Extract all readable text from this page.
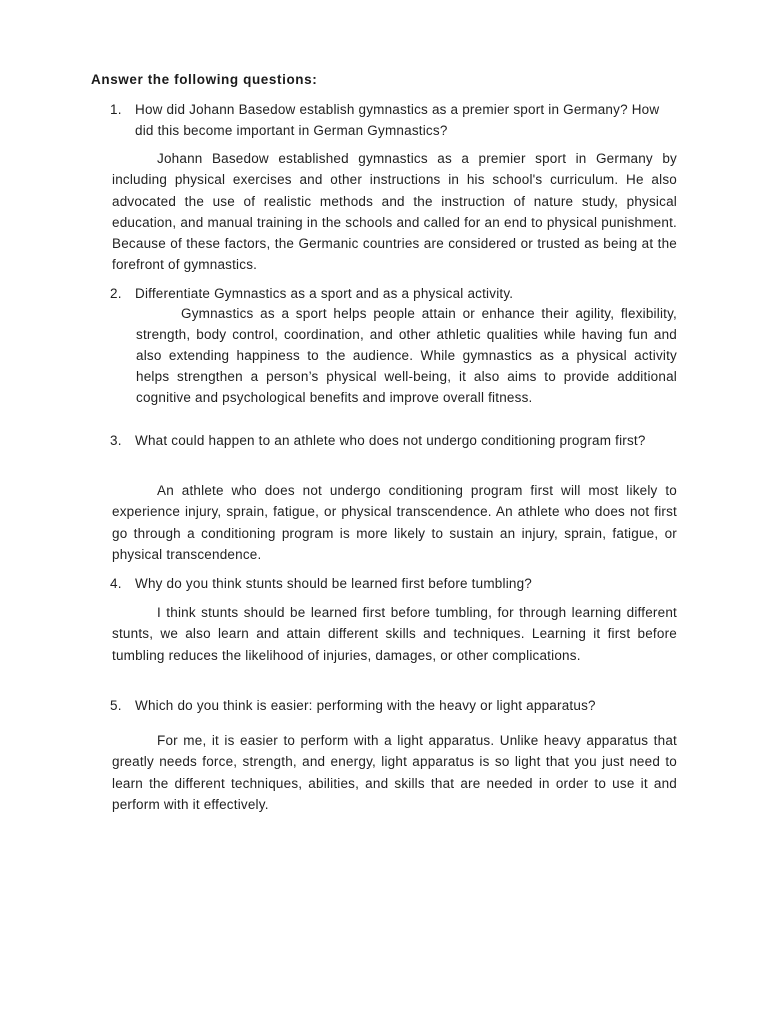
Answer the following questions:
1. How did Johann Basedow establish gymnastics as a premier sport in Germany? How did this become important in German Gymnastics?

Johann Basedow established gymnastics as a premier sport in Germany by including physical exercises and other instructions in his school's curriculum. He also advocated the use of realistic methods and the instruction of nature study, physical education, and manual training in the schools and called for an end to physical punishment. Because of these factors, the Germanic countries are considered or trusted as being at the forefront of gymnastics.

2. Differentiate Gymnastics as a sport and as a physical activity.

Gymnastics as a sport helps people attain or enhance their agility, flexibility, strength, body control, coordination, and other athletic qualities while having fun and also extending happiness to the audience. While gymnastics as a physical activity helps strengthen a person’s physical well-being, it also aims to provide additional cognitive and psychological benefits and improve overall fitness.

3. What could happen to an athlete who does not undergo conditioning program first?

An athlete who does not undergo conditioning program first will most likely to experience injury, sprain, fatigue, or physical transcendence. An athlete who does not first go through a conditioning program is more likely to sustain an injury, sprain, fatigue, or physical transcendence.

4. Why do you think stunts should be learned first before tumbling?

I think stunts should be learned first before tumbling, for through learning different stunts, we also learn and attain different skills and techniques. Learning it first before tumbling reduces the likelihood of injuries, damages, or other complications.

5. Which do you think is easier: performing with the heavy or light apparatus?

For me, it is easier to perform with a light apparatus. Unlike heavy apparatus that greatly needs force, strength, and energy, light apparatus is so light that you just need to learn the different techniques, abilities, and skills that are needed in order to use it and perform with it effectively.
